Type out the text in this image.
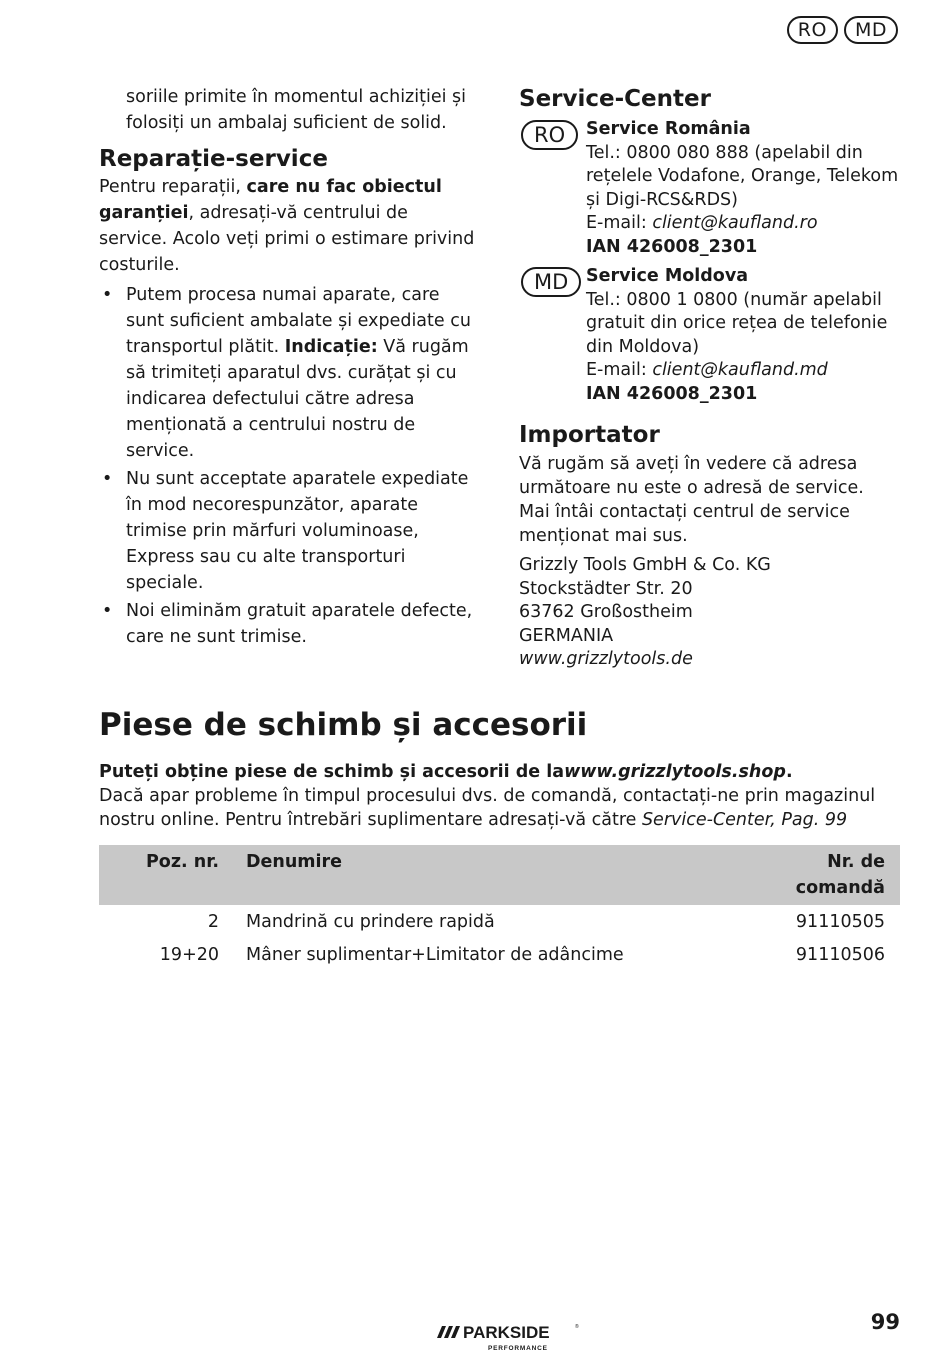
RO	MD

soriile primite în momentul achiziției și folosiți un ambalaj suficient de solid.

Reparație-service

Pentru reparații, care nu fac obiectul garanției, adresați-vă centrului de service. Acolo veți primi o estimare privind costurile.

• Putem procesa numai aparate, care sunt suficient ambalate și expediate cu transportul plătit. Indicație: Vă rugăm să trimiteți aparatul dvs. curățat și cu indicarea defectului către adresa menționată a centrului nostru de service.
• Nu sunt acceptate aparatele expediate în mod necorespunzător, aparate trimise prin mărfuri voluminoase, Express sau cu alte transporturi speciale.
• Noi eliminăm gratuit aparatele defecte, care ne sunt trimise.
Service-Center
RO	Service România
Tel.: 0800 080 888 (apelabil din rețelele Vodafone, Orange, Telekom și Digi-RCS&RDS)
E-mail: client@kaufland.ro
IAN 426008_2301
MD	Service Moldova
Tel.: 0800 1 0800 (număr apelabil gratuit din orice rețea de telefonie din Moldova)
E-mail: client@kaufland.md
IAN 426008_2301
Importator

Vă rugăm să aveți în vedere că adresa următoare nu este o adresă de service. Mai întâi contactați centrul de service menționat mai sus.

Grizzly Tools GmbH & Co. KG
Stockstädter Str. 20
63762 Großostheim
GERMANIA
www.grizzlytools.de
Piese de schimb și accesorii

Puteți obține piese de schimb și accesorii de lawww.grizzlytools.shop.
Dacă apar probleme în timpul procesului dvs. de comandă, contactați-ne prin magazinul nostru online. Pentru întrebări suplimentare adresați-vă către Service-Center, Pag. 99

Poz. nr.	Denumire	Nr. de comandă
2	Mandrină cu prindere rapidă	91110505
19+20	Mâner suplimentar+Limitator de adâncime	91110506
PARKSIDE	®
PERFORMANCE
99
